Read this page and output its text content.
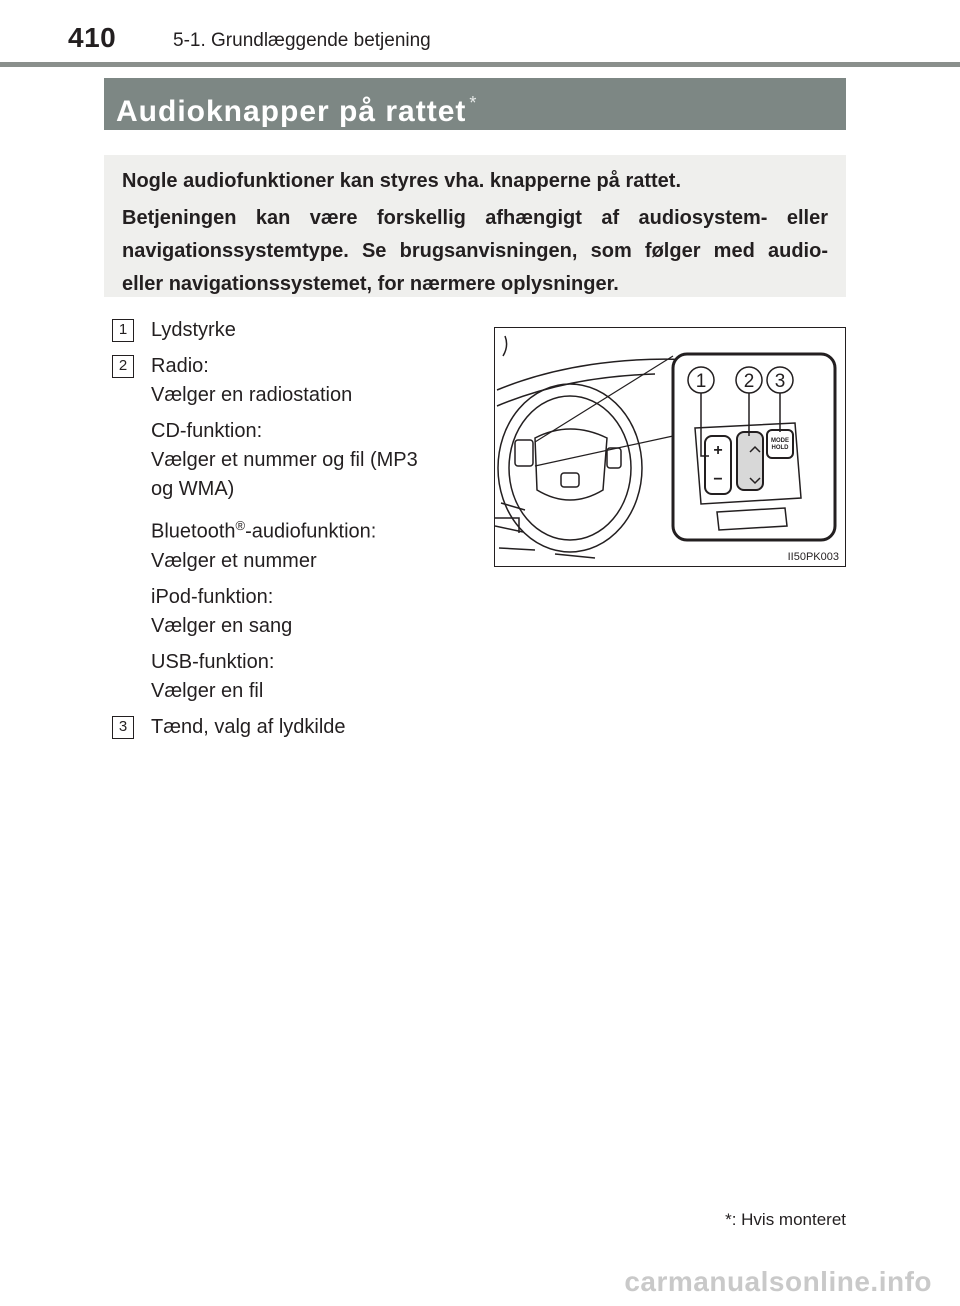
410	5-1. Grundlæggende betjening
Audioknapper på rattet *

Nogle audiofunktioner kan styres vha. knapperne på rattet.

Betjeningen kan være forskellig afhængigt af audiosystem- eller navigationssystemtype. Se brugsanvisningen, som følger med audio- eller navigationssystemet, for nærmere oplysninger.

1	Lydstyrke
2	Radio:
Vælger en radiostation
CD-funktion:
Vælger et nummer og fil (MP3 og WMA)
Bluetooth®-audiofunktion:
Vælger et nummer
iPod-funktion:
Vælger en sang
USB-funktion:
Vælger en fil
3	Tænd, valg af lydkilde
1 2 3
+
−
MODE
HOLD
II50PK003
*: Hvis monteret
carmanualsonline.info
